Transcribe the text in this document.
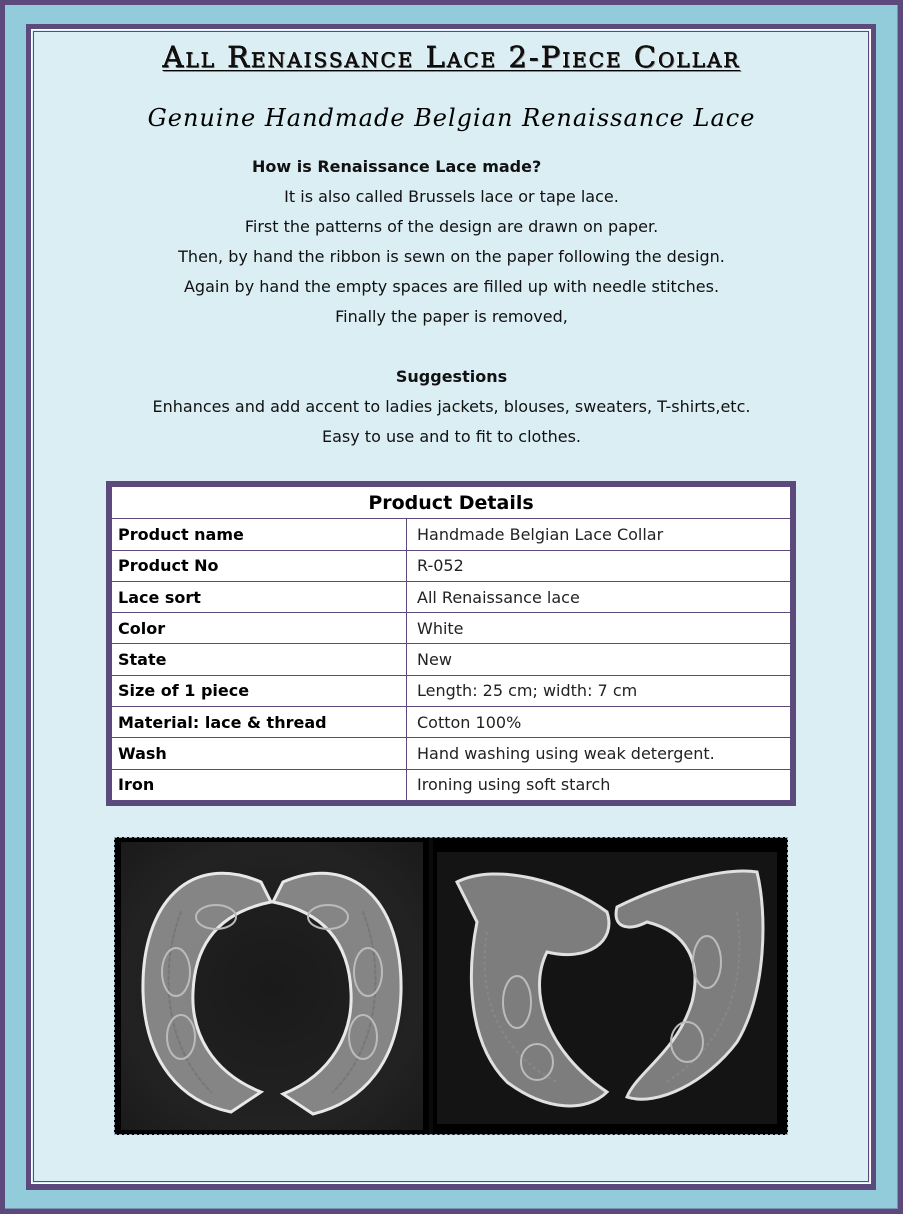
All Renaissance Lace 2-Piece Collar
Genuine Handmade Belgian Renaissance Lace
How is Renaissance Lace made?
It is also called Brussels lace or tape lace.
First the patterns of the design are drawn on paper.
Then, by hand the ribbon is sewn on the paper following the design.
Again by hand the empty spaces are filled up with needle stitches.
Finally the paper is removed,
Suggestions
Enhances and add accent to ladies jackets, blouses, sweaters, T-shirts,etc.
Easy to use and to fit to clothes.
Product Details	
Product name	Handmade Belgian Lace Collar
Product No	R-052
Lace sort	All Renaissance lace
Color	White
State	New
Size of 1 piece	Length: 25 cm; width: 7 cm
Material: lace & thread	Cotton 100%
Wash	Hand washing using weak detergent.
Iron	Ironing using soft starch
